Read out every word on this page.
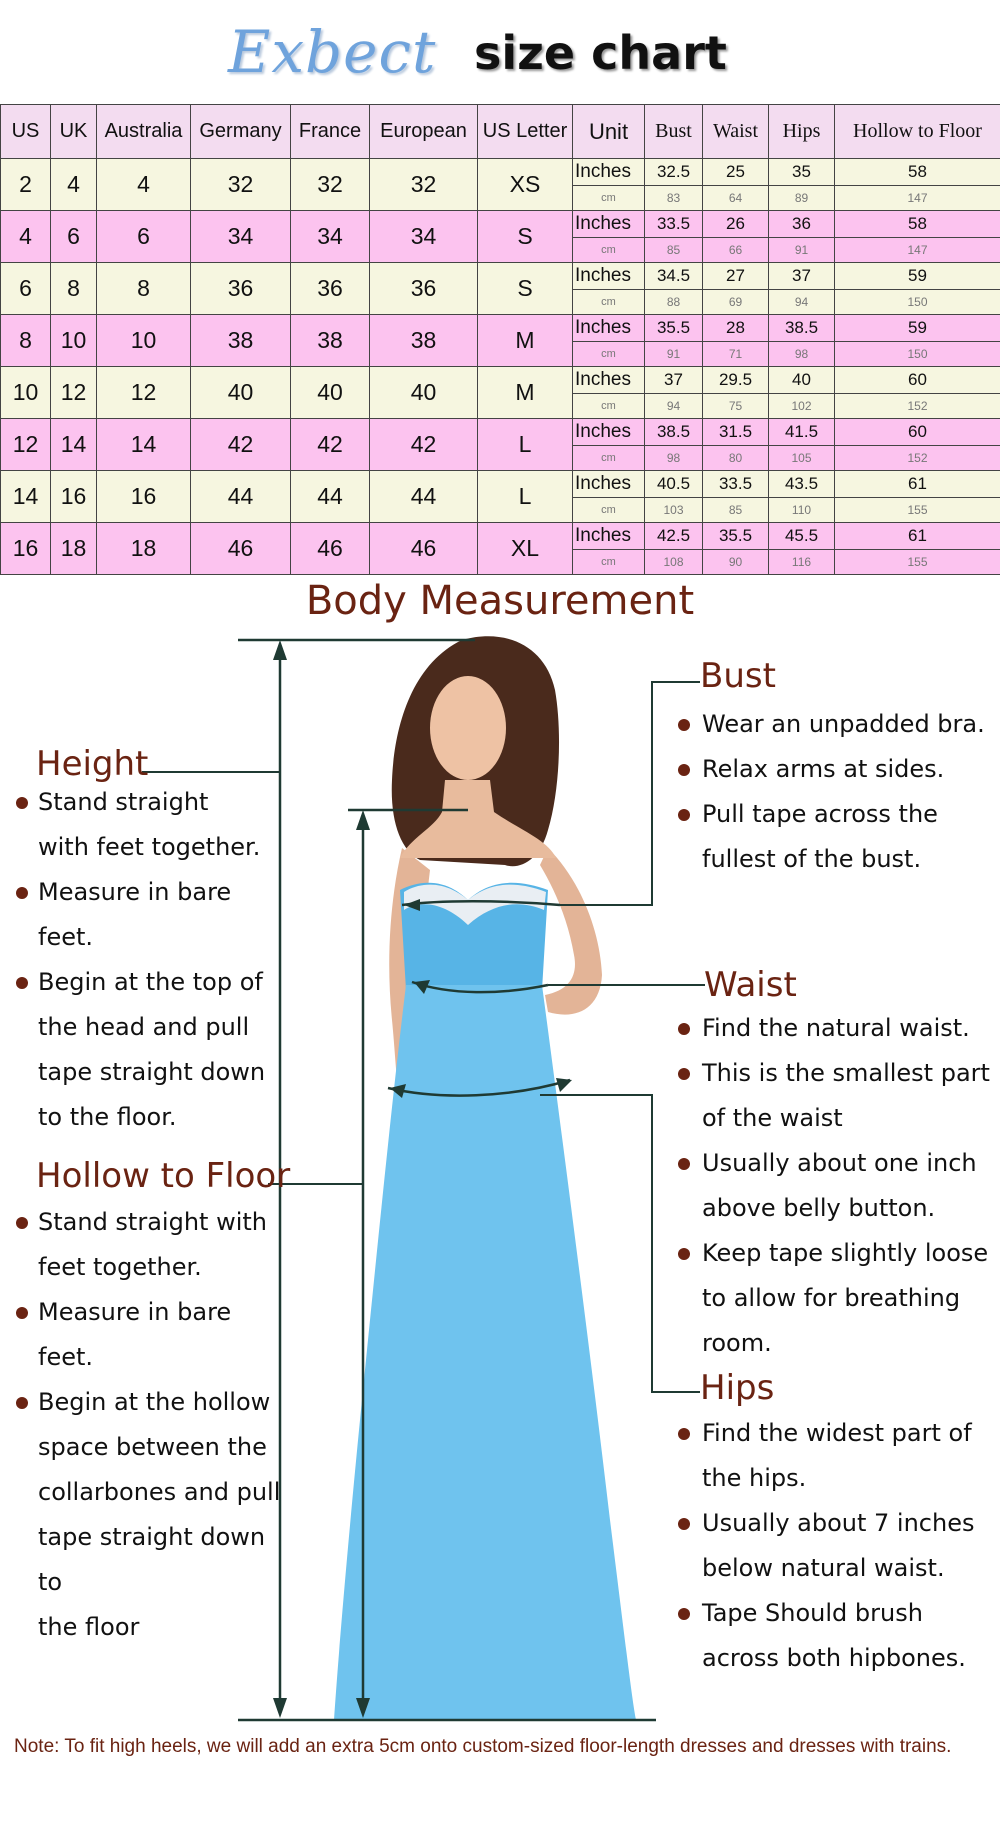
Exbect size chart
US	UK	Australia	Germany	France	European	US Letter	Unit	Bust	Waist	Hips	Hollow to Floor
2	4	4	32	32	32	XS	Inches	32.5	25	35	58
							cm	83	64	89	147
4	6	6	34	34	34	S	Inches	33.5	26	36	58
							cm	85	66	91	147
6	8	8	36	36	36	S	Inches	34.5	27	37	59
							cm	88	69	94	150
8	10	10	38	38	38	M	Inches	35.5	28	38.5	59
							cm	91	71	98	150
10	12	12	40	40	40	M	Inches	37	29.5	40	60
							cm	94	75	102	152
12	14	14	42	42	42	L	Inches	38.5	31.5	41.5	60
							cm	98	80	105	152
14	16	16	44	44	44	L	Inches	40.5	33.5	43.5	61
							cm	103	85	110	155
16	18	18	46	46	46	XL	Inches	42.5	35.5	45.5	61
							cm	108	90	116	155
Body Measurement
Height
Stand straight
with feet together.
Measure in bare feet.
Begin at the top of
the head and pull
tape straight down
to the floor.
Hollow to Floor
Stand straight with
feet together.
Measure in bare feet.
Begin at the hollow
space between the
collarbones and pull
tape straight down to
the floor
Bust
Wear an unpadded bra.
Relax arms at sides.
Pull tape across the
fullest of the bust.
Waist
Find the natural waist.
This is the smallest part
of the waist
Usually about one inch
above belly button.
Keep tape slightly loose
to allow for breathing
room.
Hips
Find the widest part of
the hips.
Usually about 7 inches
below natural waist.
Tape Should brush
across both hipbones.
Note: To fit high heels, we will add an extra 5cm onto custom-sized floor-length dresses and dresses with trains.
